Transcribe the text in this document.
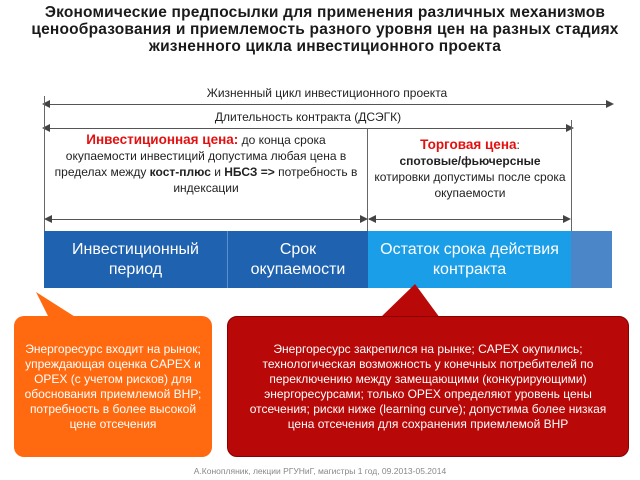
Экономические предпосылки для применения различных механизмов ценообразования и приемлемость разного уровня цен на разных стадиях жизненного цикла инвестиционного проекта
Жизненный цикл инвестиционного проекта
Длительность контракта (ДСЭГК)
Инвестиционная цена: до конца срока окупаемости инвестиций допустима любая цена в пределах между кост-плюс и НБСЗ => потребность в индексации
Торговая цена:
спотовые/фьючерсные
котировки допустимы после срока окупаемости
Инвестиционный период
Срок окупаемости
Остаток срока действия контракта
Энергоресурс входит на рынок; упреждающая оценка CAPEX и OPEX (с учетом рисков) для обоснования приемлемой ВНР; потребность в более высокой цене отсечения
Энергоресурс закрепился на рынке; CAPEX окупились; технологическая возможность у конечных потребителей по переключению между замещающими (конкурирующими) энергоресурсами; только OPEX определяют уровень цены отсечения; риски ниже (learning curve); допустима более низкая цена отсечения для сохранения приемлемой ВНР
А.Конопляник, лекции РГУНиГ, магистры 1 год, 09.2013-05.2014
